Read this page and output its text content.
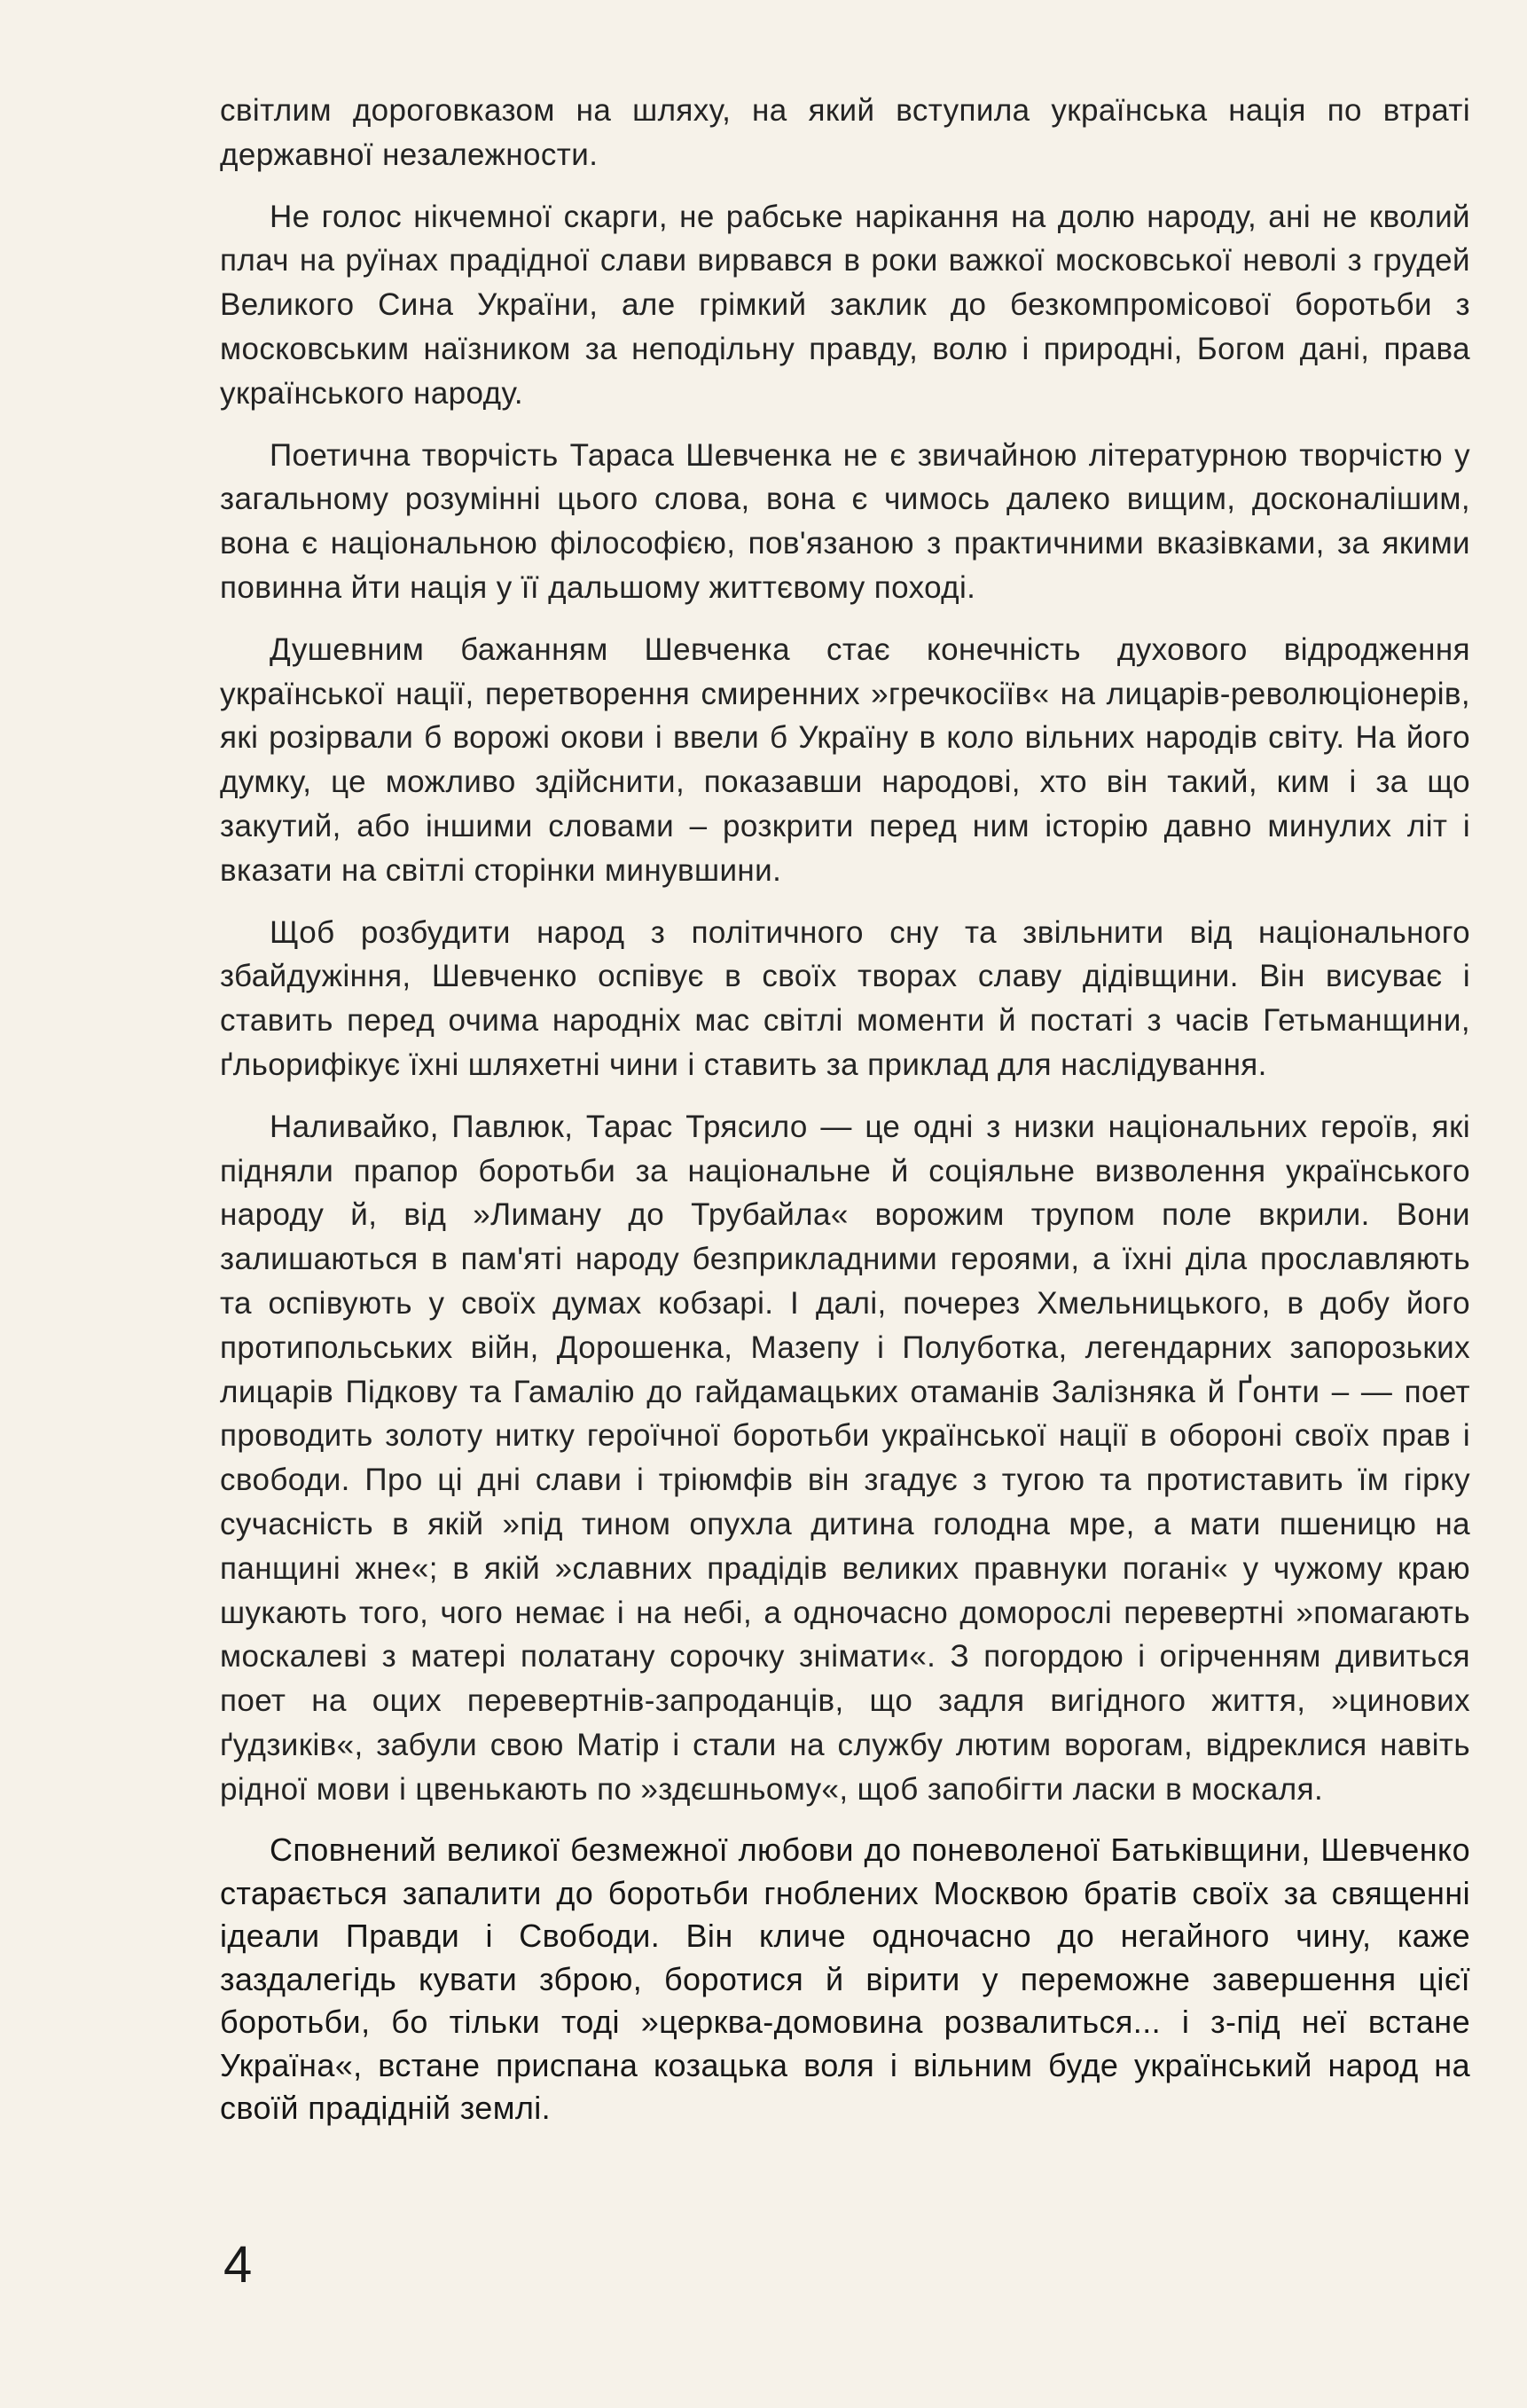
світлим дороговказом на шляху, на який вступила українська нація по втраті державної незалежности.

Не голос нікчемної скарги, не рабське нарікання на долю народу, ані не кволий плач на руїнах прадідної слави вирвався в роки важкої московської неволі з грудей Великого Сина України, але грімкий заклик до безкомпромісової боротьби з московським наїзником за неподільну правду, волю і природні, Богом дані, права українського народу.

Поетична творчість Тараса Шевченка не є звичайною літературною творчістю у загальному розумінні цього слова, вона є чимось далеко вищим, досконалішим, вона є національною філософією, пов'язаною з практичними вказівками, за якими повинна йти нація у її дальшому життєвому поході.

Душевним бажанням Шевченка стає конечність духового відродження української нації, перетворення смиренних »гречкосіїв« на лицарів-революціонерів, які розірвали б ворожі окови і ввели б Україну в коло вільних народів світу. На його думку, це можливо здійснити, показавши народові, хто він такий, ким і за що закутий, або іншими словами – розкрити перед ним історію давно минулих літ і вказати на світлі сторінки минувшини.

Щоб розбудити народ з політичного сну та звільнити від національного збайдужіння, Шевченко оспівує в своїх творах славу дідівщини. Він висуває і ставить перед очима народніх мас світлі моменти й постаті з часів Гетьманщини, ґльорифікує їхні шляхетні чини і ставить за приклад для наслідування.

Наливайко, Павлюк, Тарас Трясило — це одні з низки національних героїв, які підняли прапор боротьби за національне й соціяльне визволення українського народу й, від »Лиману до Трубайла« ворожим трупом поле вкрили. Вони залишаються в пам'яті народу безприкладними героями, а їхні діла прославляють та оспівують у своїх думах кобзарі. І далі, почерез Хмельницького, в добу його протипольських війн, Дорошенка, Мазепу і Полуботка, легендарних запорозьких лицарів Підкову та Гамалію до гайдамацьких отаманів Залізняка й Ґонти – — поет проводить золоту нитку героїчної боротьби української нації в обороні своїх прав і свободи. Про ці дні слави і тріюмфів він згадує з тугою та протиставить їм гірку сучасність в якій »під тином опухла дитина голодна мре, а мати пшеницю на панщині жне«; в якій »славних прадідів великих правнуки погані« у чужому краю шукають того, чого немає і на небі, а одночасно доморослі перевертні »помагають москалеві з матері полатану сорочку знімати«. З погордою і огірченням дивиться поет на оцих перевертнів-запроданців, що задля вигідного життя, »цинових ґудзиків«, забули свою Матір і стали на службу лютим ворогам, відреклися навіть рідної мови і цвенькають по »здєшньому«, щоб запобігти ласки в москаля.

Сповнений великої безмежної любови до поневоленої Батьківщини, Шевченко старається запалити до боротьби гноблених Москвою братів своїх за священні ідеали Правди і Свободи. Він кличе одночасно до негайного чину, каже заздалегідь кувати зброю, боротися й вірити у переможне завершення цієї боротьби, бо тільки тоді »церква-домовина розвалиться... і з-під неї встане Україна«, встане приспана козацька воля і вільним буде український народ на своїй прадідній землі.

4
